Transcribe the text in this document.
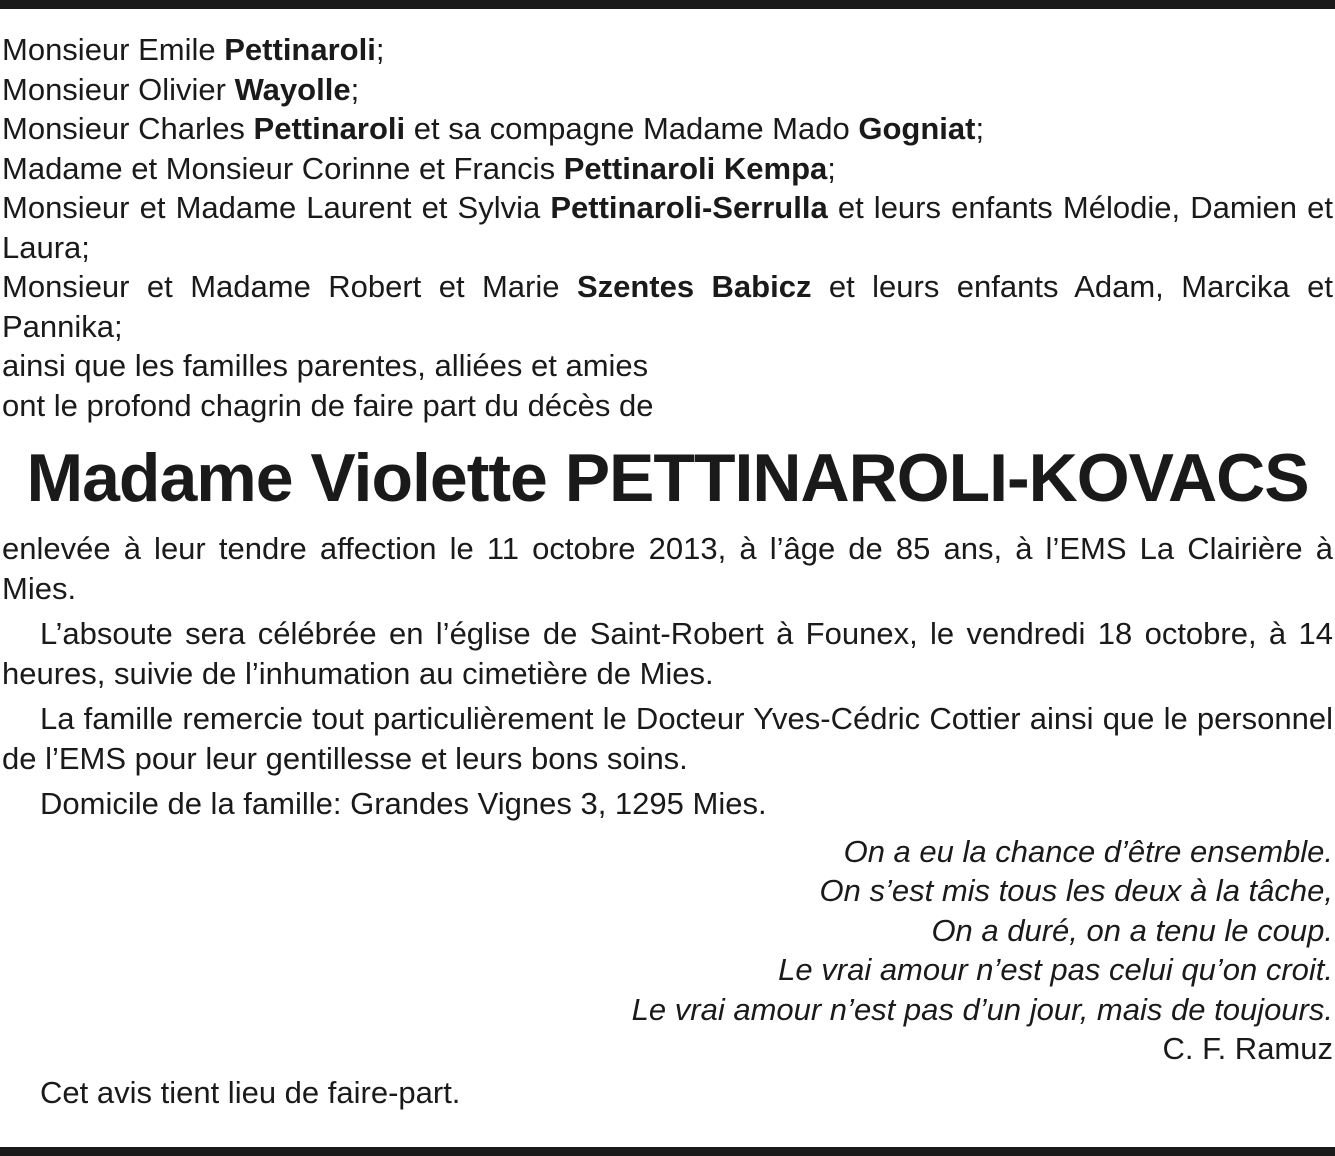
Monsieur Emile Pettinaroli;

Monsieur Olivier Wayolle;

Monsieur Charles Pettinaroli et sa compagne Madame Mado Gogniat;

Madame et Monsieur Corinne et Francis Pettinaroli Kempa;

Monsieur et Madame Laurent et Sylvia Pettinaroli-Serrulla et leurs enfants Mélodie, Damien et Laura;

Monsieur et Madame Robert et Marie Szentes Babicz et leurs enfants Adam, Marcika et Pannika;

ainsi que les familles parentes, alliées et amies

ont le profond chagrin de faire part du décès de

Madame Violette PETTINAROLI-KOVACS

enlevée à leur tendre affection le 11 octobre 2013, à l’âge de 85 ans, à l’EMS La Clairière à Mies.

L’absoute sera célébrée en l’église de Saint-Robert à Founex, le vendredi 18 octobre, à 14 heures, suivie de l’inhumation au cimetière de Mies.

La famille remercie tout particulièrement le Docteur Yves-Cédric Cottier ainsi que le personnel de l’EMS pour leur gentillesse et leurs bons soins.

Domicile de la famille: Grandes Vignes 3, 1295 Mies.

On a eu la chance d’être ensemble.
On s’est mis tous les deux à la tâche,
On a duré, on a tenu le coup.
Le vrai amour n’est pas celui qu’on croit.
Le vrai amour n’est pas d’un jour, mais de toujours.

C. F. Ramuz

Cet avis tient lieu de faire-part.
